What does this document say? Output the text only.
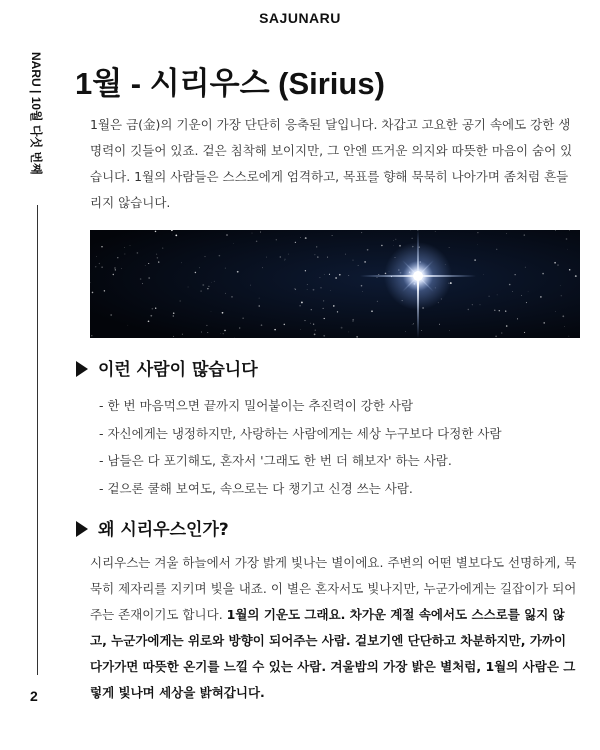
SAJUNARU
NARU | 10월 다섯 번째
2
1월 - 시리우스 (Sirius)

1월은 금(金)의 기운이 가장 단단히 응축된 달입니다. 차갑고 고요한 공기 속에도 강한 생명력이 깃들어 있죠. 겉은 침착해 보이지만, 그 안엔 뜨거운 의지와 따뜻한 마음이 숨어 있습니다. 1월의 사람들은 스스로에게 엄격하고, 목표를 향해 묵묵히 나아가며 좀처럼 흔들리지 않습니다.

이런 사람이 많습니다
- 한 번 마음먹으면 끝까지 밀어붙이는 추진력이 강한 사람
- 자신에게는 냉정하지만, 사랑하는 사람에게는 세상 누구보다 다정한 사람
- 남들은 다 포기해도, 혼자서 '그래도 한 번 더 해보자' 하는 사람.
- 겉으론 쿨해 보여도, 속으로는 다 챙기고 신경 쓰는 사람.
왜 시리우스인가?

시리우스는 겨울 하늘에서 가장 밝게 빛나는 별이에요. 주변의 어떤 별보다도 선명하게, 묵묵히 제자리를 지키며 빛을 내죠. 이 별은 혼자서도 빛나지만, 누군가에게는 길잡이가 되어주는 존재이기도 합니다. 1월의 기운도 그래요. 차가운 계절 속에서도 스스로를 잃지 않고, 누군가에게는 위로와 방향이 되어주는 사람. 겉보기엔 단단하고 차분하지만, 가까이 다가가면 따뜻한 온기를 느낄 수 있는 사람. 겨울밤의 가장 밝은 별처럼, 1월의 사람은 그렇게 빛나며 세상을 밝혀갑니다.
